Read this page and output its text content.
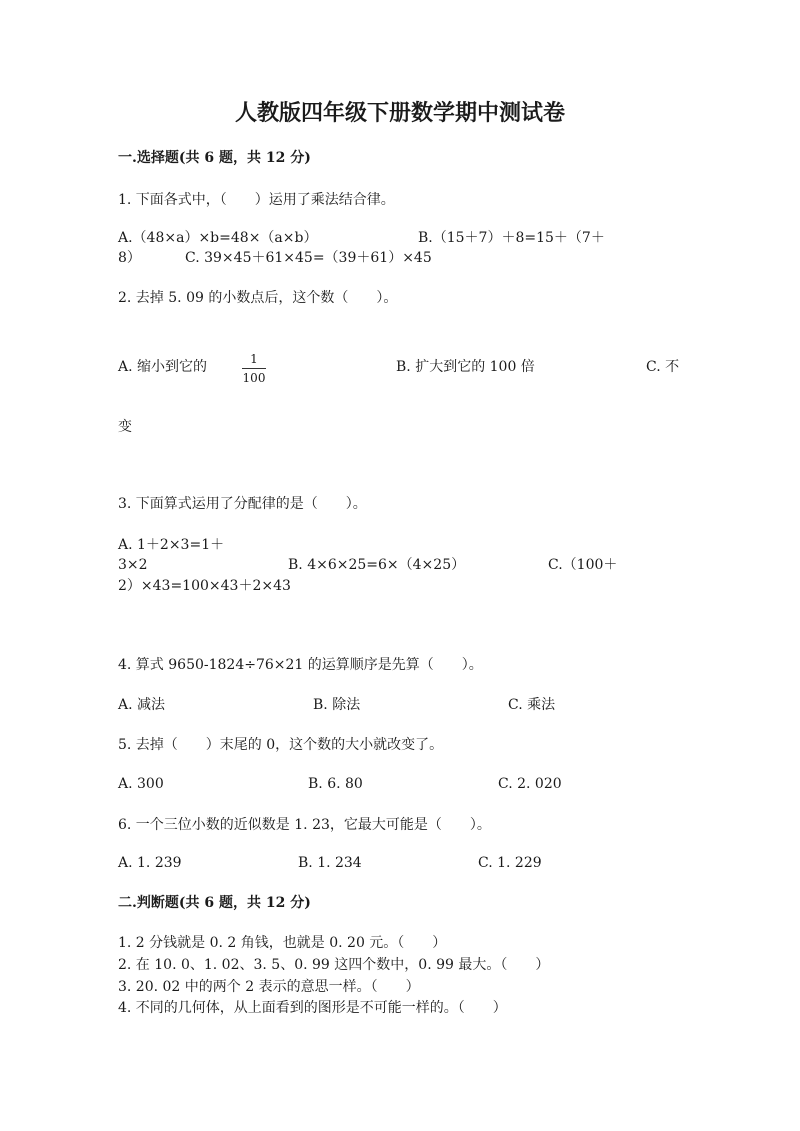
人教版四年级下册数学期中测试卷
一.选择题(共 6 题，共 12 分)
1. 下面各式中，（　　）运用了乘法结合律。
A.（48×a）×b=48×（a×b）	B.（15＋7）＋8=15＋（7＋
8）	C. 39×45＋61×45=（39＋61）×45
2. 去掉 5. 09 的小数点后，这个数（　　）。
A. 缩小到它的	1
100
B. 扩大到它的 100 倍	C. 不
变
3. 下面算式运用了分配律的是（　　）。
A. 1＋2×3=1＋
3×2	B. 4×6×25=6×（4×25）	C.（100＋
2）×43=100×43＋2×43
4. 算式 9650-1824÷76×21 的运算顺序是先算（　　）。
A. 减法	B. 除法	C. 乘法
5. 去掉（　　）末尾的 0，这个数的大小就改变了。
A. 300	B. 6. 80	C. 2. 020
6. 一个三位小数的近似数是 1. 23，它最大可能是（　　）。
A. 1. 239	B. 1. 234	C. 1. 229
二.判断题(共 6 题，共 12 分)
1. 2 分钱就是 0. 2 角钱，也就是 0. 20 元。（　　）
2. 在 10. 0、1. 02、3. 5、0. 99 这四个数中，0. 99 最大。（　　）
3. 20. 02 中的两个 2 表示的意思一样。（　　）
4. 不同的几何体，从上面看到的图形是不可能一样的。（　　）
